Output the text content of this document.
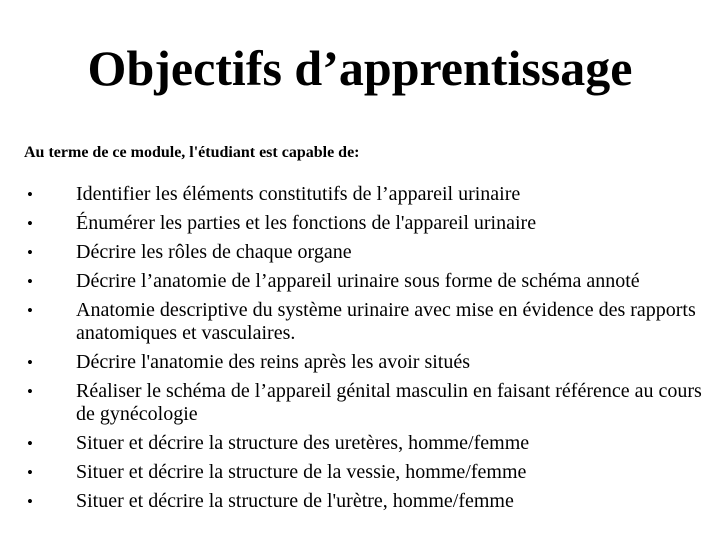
Objectifs d’apprentissage

Au terme de ce module, l'étudiant est capable de:

• Identifier les éléments constitutifs de l’appareil urinaire
• Énumérer les parties et les fonctions de l'appareil urinaire
• Décrire les rôles de chaque organe
• Décrire l’anatomie de l’appareil urinaire sous forme de schéma annoté
• Anatomie descriptive du système urinaire avec mise en évidence des rapports anatomiques et vasculaires.
• Décrire l'anatomie des reins après les avoir situés
• Réaliser le schéma de l’appareil génital masculin en faisant référence au cours de gynécologie
• Situer et décrire la structure des uretères, homme/femme
• Situer et décrire la structure de la vessie, homme/femme
• Situer et décrire la structure de l'urètre, homme/femme
